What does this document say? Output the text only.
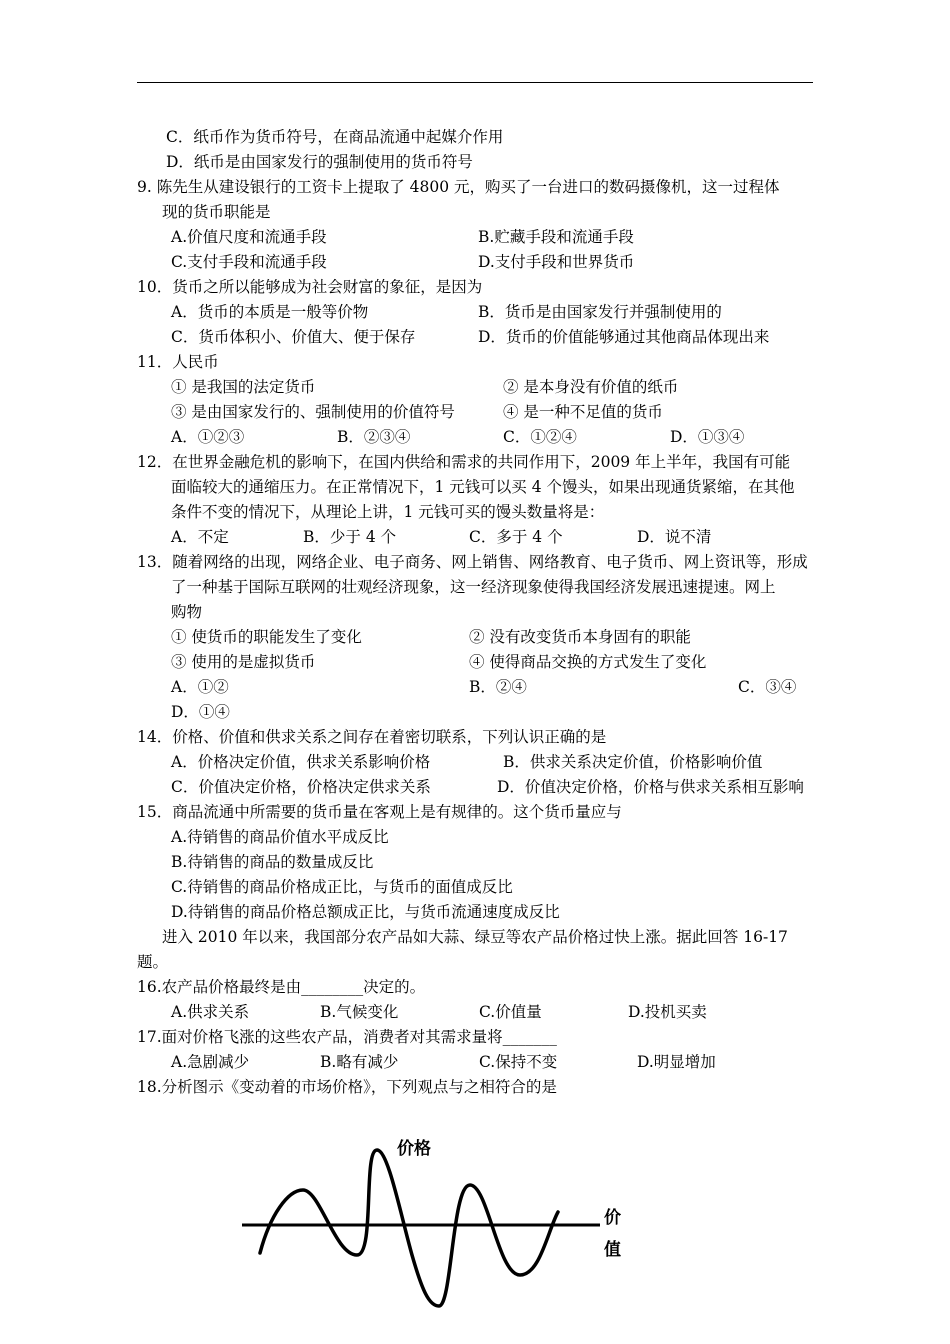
C．纸币作为货币符号，在商品流通中起媒介作用
D．纸币是由国家发行的强制使用的货币符号
9. 陈先生从建设银行的工资卡上提取了 4800 元，购买了一台进口的数码摄像机，这一过程体
现的货币职能是
A.价值尺度和流通手段	B.贮藏手段和流通手段
C.支付手段和流通手段	D.支付手段和世界货币
10．货币之所以能够成为社会财富的象征，是因为
A．货币的本质是一般等价物	B．货币是由国家发行并强制使用的
C．货币体积小、价值大、便于保存	D．货币的价值能够通过其他商品体现出来
11．人民币
① 是我国的法定货币	② 是本身没有价值的纸币
③ 是由国家发行的、强制使用的价值符号	④ 是一种不足值的货币
A．①②③	B．②③④	C．①②④	D．①③④
12．在世界金融危机的影响下，在国内供给和需求的共同作用下，2009 年上半年，我国有可能
面临较大的通缩压力。在正常情况下，1 元钱可以买 4 个馒头，如果出现通货紧缩，在其他
条件不变的情况下，从理论上讲，1 元钱可买的馒头数量将是：
A．不定	B．少于 4 个	C．多于 4 个	D．说不清
13．随着网络的出现，网络企业、电子商务、网上销售、网络教育、电子货币、网上资讯等，形成
了一种基于国际互联网的壮观经济现象，这一经济现象使得我国经济发展迅速提速。网上
购物
① 使货币的职能发生了变化	② 没有改变货币本身固有的职能
③ 使用的是虚拟货币	④ 使得商品交换的方式发生了变化
A．①②	B．②④	C．③④
D．①④
14．价格、价值和供求关系之间存在着密切联系，下列认识正确的是
A．价格决定价值，供求关系影响价格	B．供求关系决定价值，价格影响价值
C．价值决定价格，价格决定供求关系	D．价值决定价格，价格与供求关系相互影响
15．商品流通中所需要的货币量在客观上是有规律的。这个货币量应与
A.待销售的商品价值水平成反比
B.待销售的商品的数量成反比
C.待销售的商品价格成正比，与货币的面值成反比
D.待销售的商品价格总额成正比，与货币流通速度成反比
进入 2010 年以来，我国部分农产品如大蒜、绿豆等农产品价格过快上涨。据此回答 16-17
题。
16.农产品价格最终是由________决定的。
A.供求关系	B.气候变化	C.价值量	D.投机买卖
17.面对价格飞涨的这些农产品，消费者对其需求量将_______
A.急剧减少	B.略有减少	C.保持不变	D.明显增加
18.分析图示《变动着的市场价格》，下列观点与之相符合的是
价格
价
值
